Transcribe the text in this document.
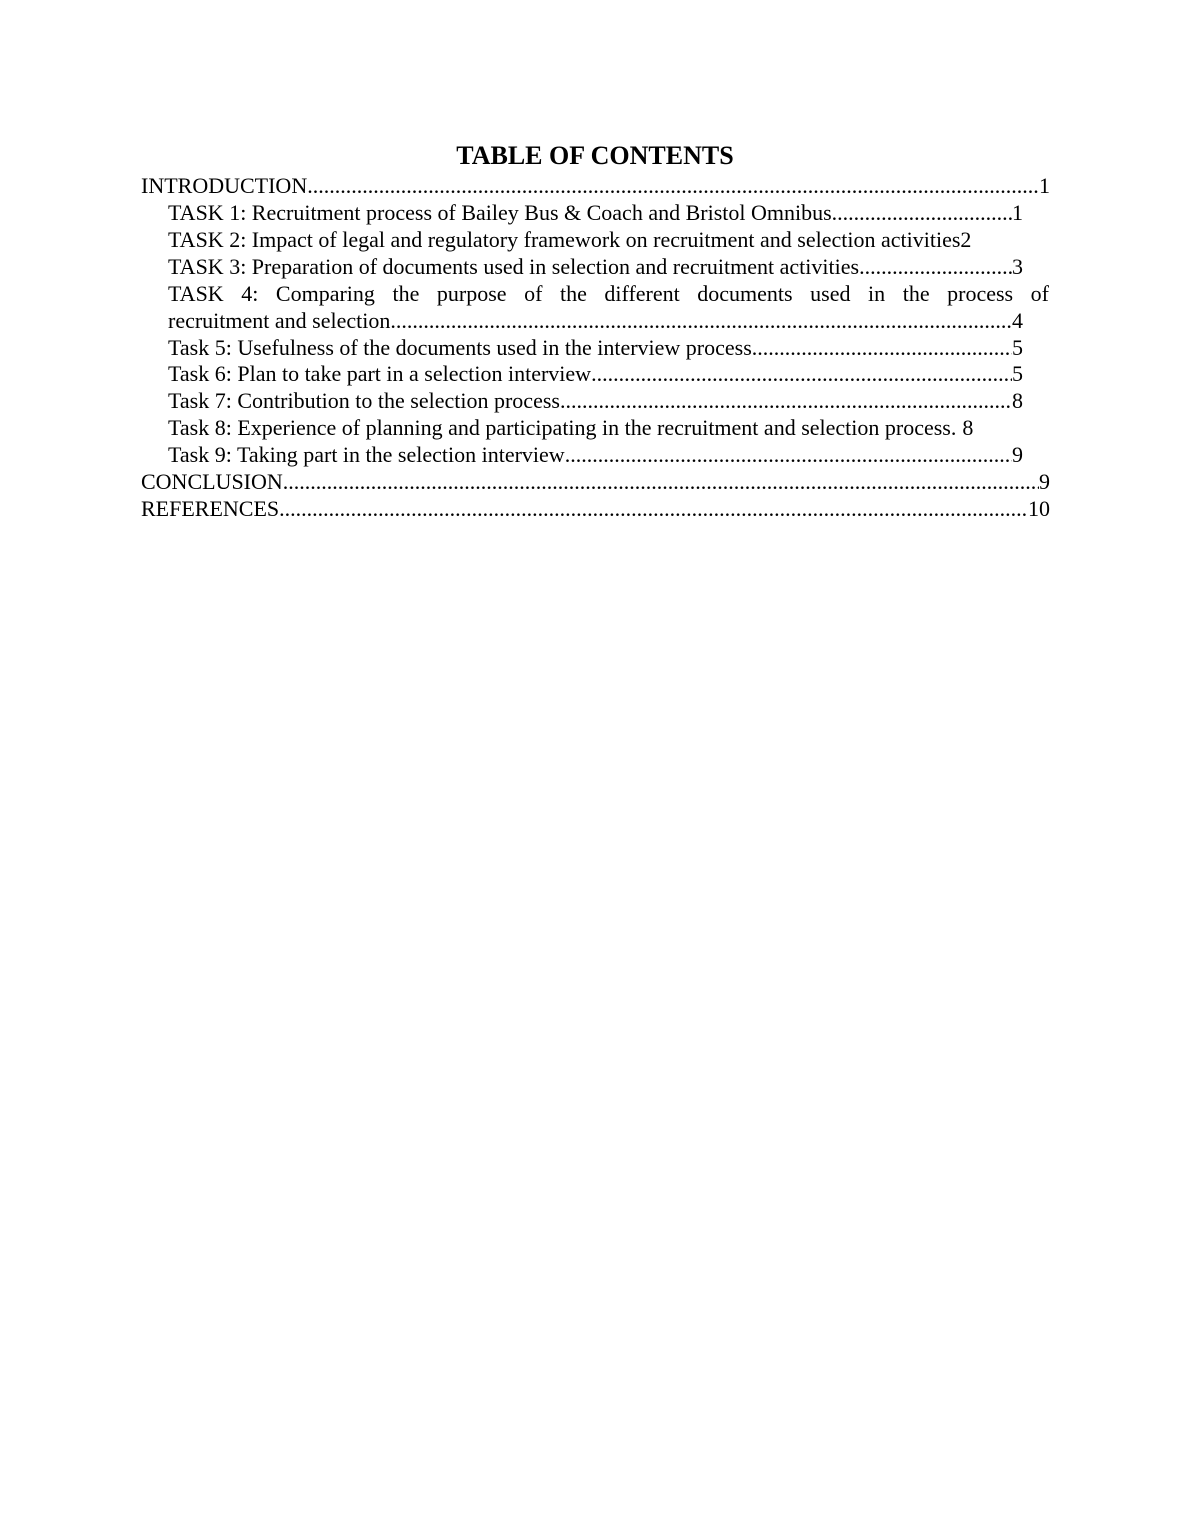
TABLE OF CONTENTS
INTRODUCTION .....	1
TASK 1: Recruitment process of Bailey Bus & Coach and Bristol Omnibus .....	1
TASK 2: Impact of legal and regulatory framework on recruitment and selection activities 2
TASK 3: Preparation of documents used in selection and recruitment activities .....	3
TASK 4: Comparing the purpose of the different documents used in the process of
recruitment and selection .....	4
Task 5: Usefulness of the documents used in the interview process .....	5
Task 6: Plan to take part in a selection interview .....	5
Task 7: Contribution to the selection process .....	8
Task 8: Experience of planning and participating in the recruitment and selection process. 8
Task 9: Taking part in the selection interview .....	9
CONCLUSION .....	9
REFERENCES .....	10
